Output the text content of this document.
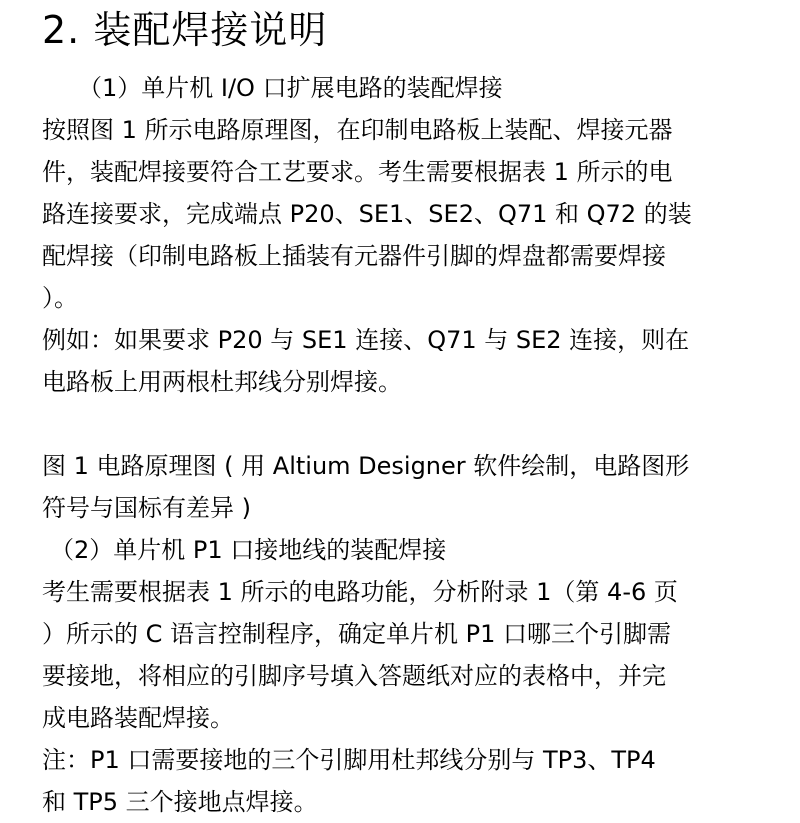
2. 装配焊接说明
（1）单片机 I/O 口扩展电路的装配焊接
按照图 1 所示电路原理图，在印制电路板上装配、焊接元器
件，装配焊接要符合工艺要求。考生需要根据表 1 所示的电
路连接要求，完成端点 P20、SE1、SE2、Q71 和 Q72 的装
配焊接（印制电路板上插装有元器件引脚的焊盘都需要焊接
）。
例如：如果要求 P20 与 SE1 连接、Q71 与 SE2 连接，则在
电路板上用两根杜邦线分别焊接。
图 1 电路原理图 ( 用 Altium Designer 软件绘制，电路图形
符号与国标有差异 )
（2）单片机 P1 口接地线的装配焊接
考生需要根据表 1 所示的电路功能，分析附录 1（第 4-6 页
）所示的 C 语言控制程序，确定单片机 P1 口哪三个引脚需
要接地，将相应的引脚序号填入答题纸对应的表格中，并完
成电路装配焊接。
注：P1 口需要接地的三个引脚用杜邦线分别与 TP3、TP4
和 TP5 三个接地点焊接。
